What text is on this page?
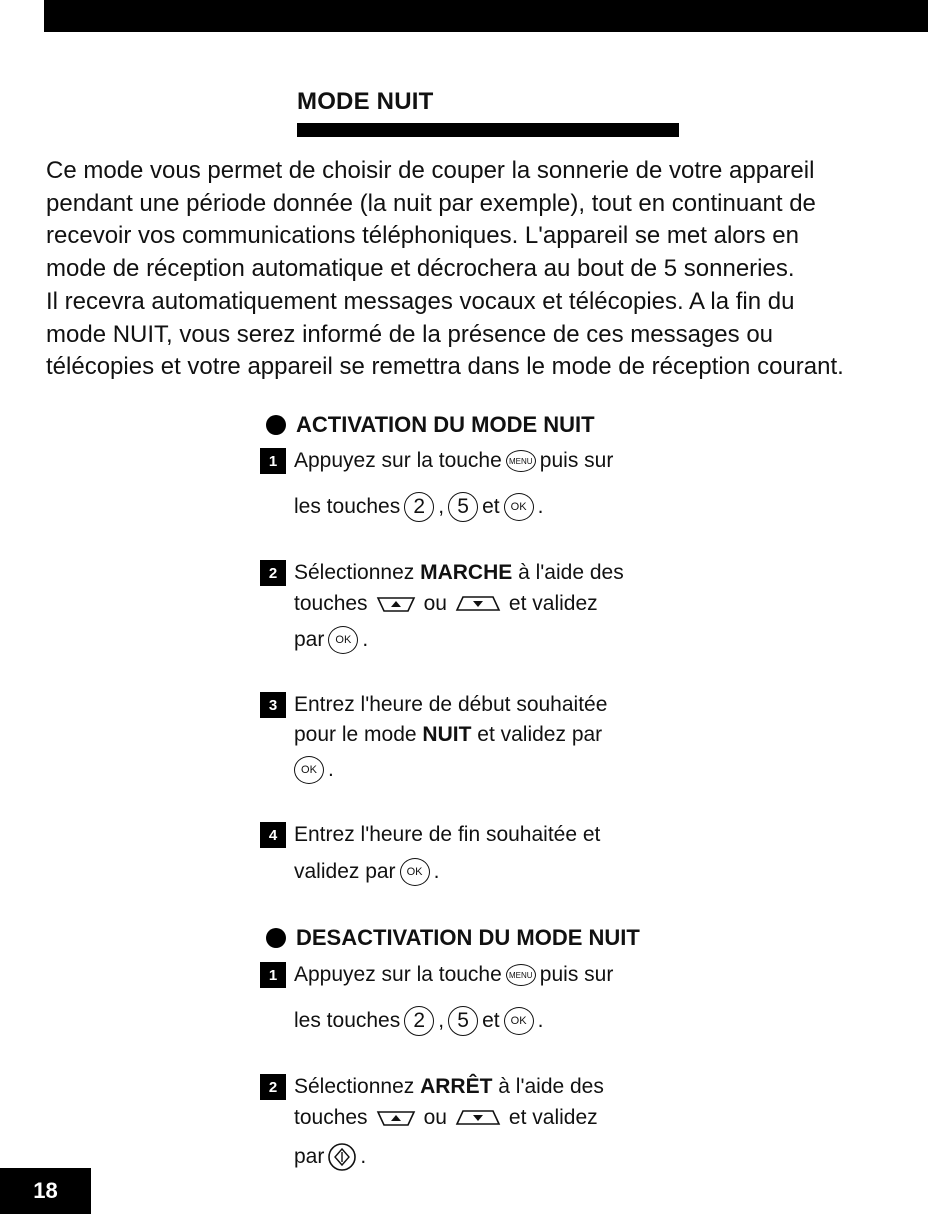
MODE NUIT

Ce mode vous permet de choisir de couper la sonnerie de votre appareil

pendant une période donnée (la nuit par exemple), tout en continuant de

recevoir vos communications téléphoniques. L'appareil se met alors en

mode de réception automatique et décrochera au bout de 5 sonneries.

Il recevra automatiquement messages vocaux et télécopies. A la fin du

mode NUIT, vous serez informé de la présence de ces messages ou

télécopies et votre appareil se remettra dans le mode de réception courant.

ACTIVATION DU MODE NUIT
1 Appuyez sur la touche MENU puis sur
les touches 2 , 5 et	OK .
2 Sélectionnez
MARCHE
à l'aide des
touches	ou	et validez
par	OK .
3 Entrez l'heure de début souhaitée
pour le mode
NUIT
et validez par
OK .
4 Entrez l'heure de fin souhaitée et
validez par	OK .
DESACTIVATION DU MODE NUIT
1 Appuyez sur la touche MENU puis sur
les touches 2 , 5 et	OK .
2 Sélectionnez
ARRÊT
à l'aide des
touches	ou	et validez
par .
18
